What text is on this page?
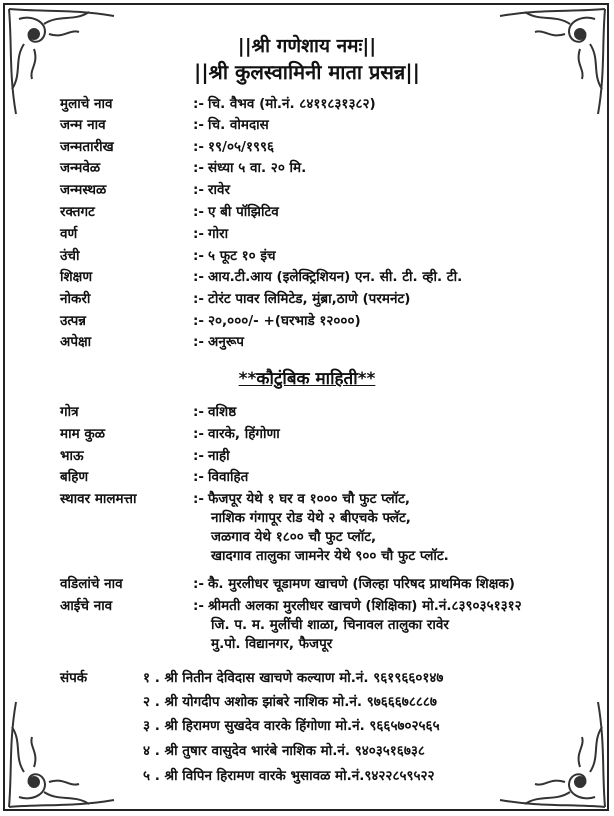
||श्री गणेशाय नमः||
||श्री कुलस्वामिनी माता प्रसन्न||
मुलाचे नाव	:- चि. वैभव (मो.नं. ८४११८३१३८२)
जन्म नाव	:- चि. वोमदास
जन्मतारीख	:- १९/०५/१९९६
जन्मवेळ	:- संध्या ५ वा. २० मि.
जन्मस्थळ	:- रावेर
रक्तगट	:- ए बी पॉझिटिव
वर्ण	:- गोरा
उंची	:- ५ फूट १० इंच
शिक्षण	:- आय.टी.आय (इलेक्ट्रिशियन) एन. सी. टी. व्ही. टी.
नोकरी	:- टोरंट पावर लिमिटेड, मुंब्रा,ठाणे (परमनंट)
उत्पन्न	:- २०,०००/- +(घरभाडे १२०००)
अपेक्षा	:- अनुरूप
**कौटुंबिक माहिती**
गोत्र	:- वशिष्ठ
माम कुळ	:- वारके, हिंगोणा
भाऊ	:- नाही
बहिण	:- विवाहित
स्थावर मालमत्ता	:- फैजपूर येथे १ घर व १००० चौ फुट प्लॉट,
नाशिक गंगापूर रोड येथे २ बीएचके फ्लॅट,
जळगाव येथे १८०० चौ फुट प्लॉट,
खादगाव तालुका जामनेर येथे ९०० चौ फुट प्लॉट.
वडिलांचे नाव	:- कै. मुरलीधर चूडामण खाचणे (जिल्हा परिषद प्राथमिक शिक्षक)
आईचे नाव	:- श्रीमती अलका मुरलीधर खाचणे (शिक्षिका) मो.नं.८३९०३५१३१२
जि. प. म. मुलींची शाळा, चिनावल तालुका रावेर
मु.पो. विद्यानगर, फैजपूर
संपर्क	१ . श्री नितीन देविदास खाचणे कल्याण मो.नं. ९६१९६६०१४७
२ . श्री योगदीप अशोक झांबरे नाशिक मो.नं. ९७६६६७८८८७
३ . श्री हिरामण सुखदेव वारके हिंगोणा मो.नं. ९६६५७०२५६५
४ . श्री तुषार वासुदेव भारंबे नाशिक मो.नं. ९४०३५१६७३८
५ . श्री विपिन हिरामण वारके भुसावळ मो.नं.९४२२८५९५२२
